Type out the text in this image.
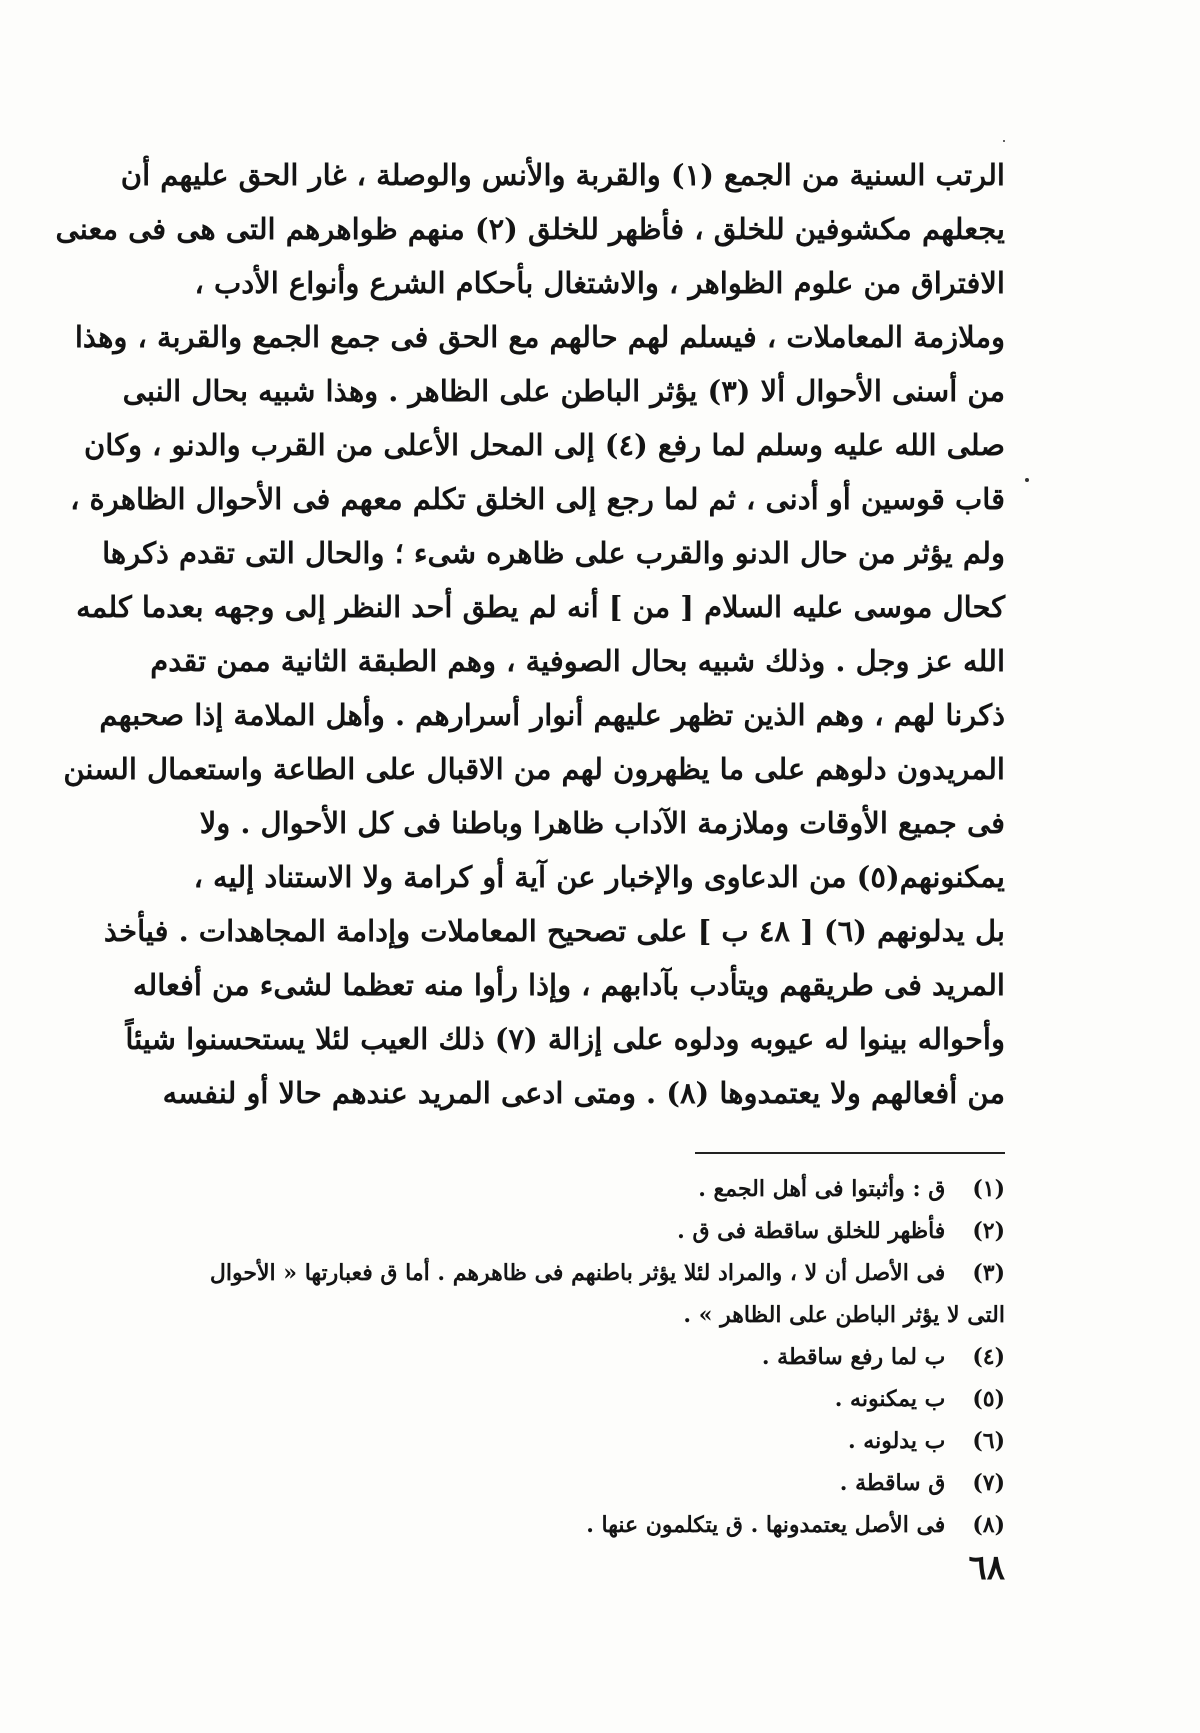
الرتب السنية من الجمع (١) والقربة والأنس والوصلة ، غار الحق عليهم أن
يجعلهم مكشوفين للخلق ، فأظهر للخلق (٢) منهم ظواهرهم التى هى فى معنى
الافتراق من علوم الظواهر ، والاشتغال بأحكام الشرع وأنواع الأدب ،
وملازمة المعاملات ، فيسلم لهم حالهم مع الحق فى جمع الجمع والقربة ، وهذا
من أسنى الأحوال ألا (٣) يؤثر الباطن على الظاهر . وهذا شبيه بحال النبى
صلى الله عليه وسلم لما رفع (٤) إلى المحل الأعلى من القرب والدنو ، وكان
قاب قوسين أو أدنى ، ثم لما رجع إلى الخلق تكلم معهم فى الأحوال الظاهرة ،
ولم يؤثر من حال الدنو والقرب على ظاهره شىء ؛ والحال التى تقدم ذكرها
كحال موسى عليه السلام [ من ] أنه لم يطق أحد النظر إلى وجهه بعدما كلمه
الله عز وجل . وذلك شبيه بحال الصوفية ، وهم الطبقة الثانية ممن تقدم
ذكرنا لهم ، وهم الذين تظهر عليهم أنوار أسرارهم . وأهل الملامة إذا صحبهم
المريدون دلوهم على ما يظهرون لهم من الاقبال على الطاعة واستعمال السنن
فى جميع الأوقات وملازمة الآداب ظاهرا وباطنا فى كل الأحوال . ولا
يمكنونهم(٥) من الدعاوى والإخبار عن آية أو كرامة ولا الاستناد إليه ،
بل يدلونهم (٦) [ ٤٨ ب ] على تصحيح المعاملات وإدامة المجاهدات . فيأخذ
المريد فى طريقهم ويتأدب بآدابهم ، وإذا رأوا منه تعظما لشىء من أفعاله
وأحواله بينوا له عيوبه ودلوه على إزالة (٧) ذلك العيب لئلا يستحسنوا شيئاً
من أفعالهم ولا يعتمدوها (٨) . ومتى ادعى المريد عندهم حالا أو لنفسه
(١) ق : وأثبتوا فى أهل الجمع .
(٢) فأظهر للخلق ساقطة فى ق .
(٣) فى الأصل أن لا ، والمراد لئلا يؤثر باطنهم فى ظاهرهم . أما ق فعبارتها « الأحوال
التى لا يؤثر الباطن على الظاهر » .
(٤) ب لما رفع ساقطة .
(٥) ب يمكنونه .
(٦) ب يدلونه .
(٧) ق ساقطة .
(٨) فى الأصل يعتمدونها . ق يتكلمون عنها .
٦٨
